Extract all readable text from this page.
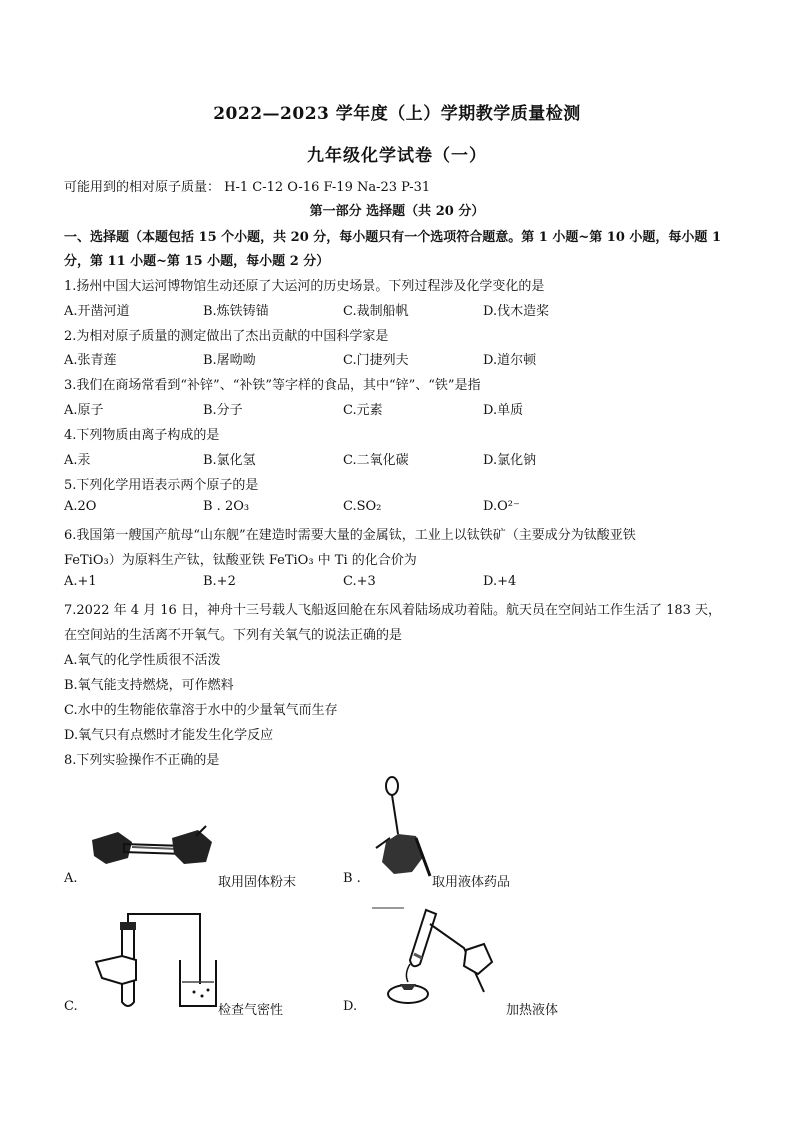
2022—2023 学年度（上）学期教学质量检测
九年级化学试卷（一）
可能用到的相对原子质量： H-1 C-12 O-16 F-19 Na-23 P-31
第一部分 选择题（共 20 分）
一、选择题（本题包括 15 个小题，共 20 分，每小题只有一个选项符合题意。第 1 小题~第 10 小题，每小题 1
分，第 11 小题~第 15 小题，每小题 2 分）
1.扬州中国大运河博物馆生动还原了大运河的历史场景。下列过程涉及化学变化的是
A.开凿河道	B.炼铁铸锚	C.裁制船帆	D.伐木造桨
2.为相对原子质量的测定做出了杰出贡献的中国科学家是
A.张青莲	B.屠呦呦	C.门捷列夫	D.道尔顿
3.我们在商场常看到“补锌”、“补铁”等字样的食品，其中“锌”、“铁”是指
A.原子	B.分子	C.元素	D.单质
4.下列物质由离子构成的是
A.汞	B.氯化氢	C.二氧化碳	D.氯化钠
5.下列化学用语表示两个原子的是
A.2O	B . 2O₃	C.SO₂	D.O²⁻
6.我国第一艘国产航母“山东舰”在建造时需要大量的金属钛，工业上以钛铁矿（主要成分为钛酸亚铁
FeTiO₃）为原料生产钛，钛酸亚铁 FeTiO₃ 中 Ti 的化合价为
A.+1	B.+2	C.+3	D.+4
7.2022 年 4 月 16 日，神舟十三号载人飞船返回舱在东风着陆场成功着陆。航天员在空间站工作生活了 183 天，
在空间站的生活离不开氧气。下列有关氧气的说法正确的是
A.氧气的化学性质很不活泼
B.氧气能支持燃烧，可作燃料
C.水中的生物能依靠溶于水中的少量氧气而生存
D.氧气只有点燃时才能发生化学反应
8.下列实验操作不正确的是
A.	取用固体粉末	B .	取用液体药品
C.	检查气密性	D.	加热液体
